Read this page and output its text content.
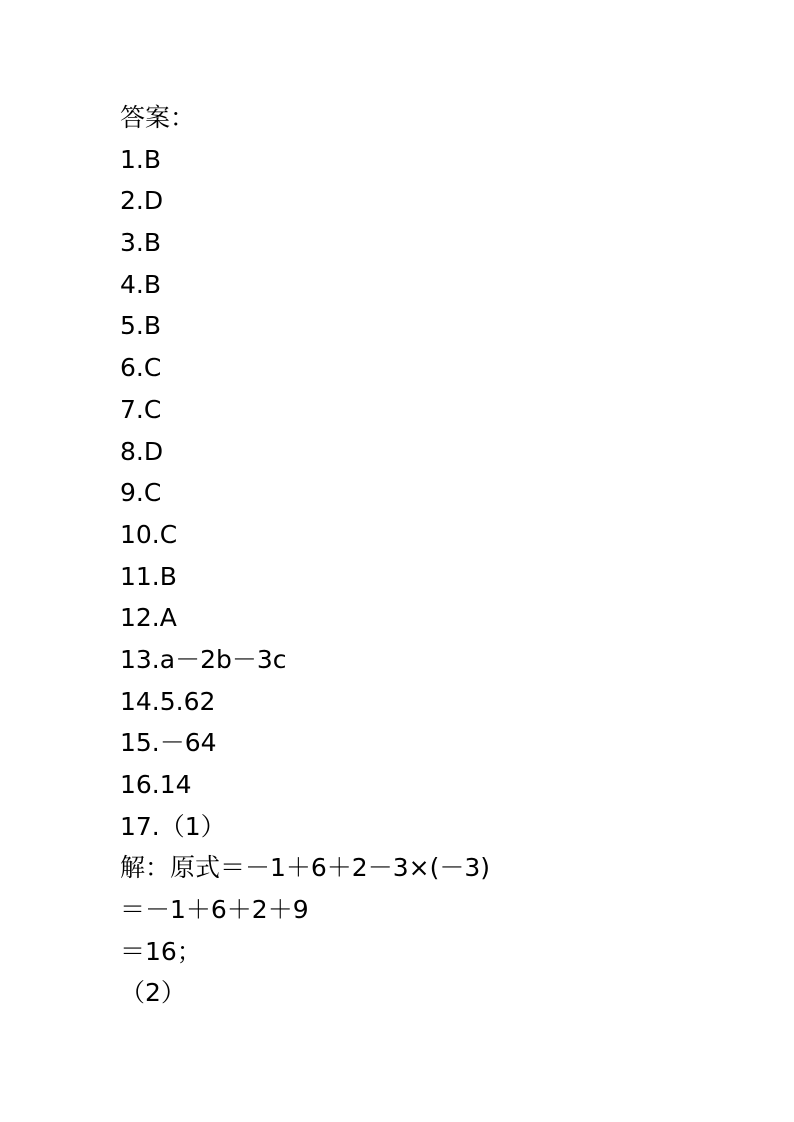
答案：
1.B
2.D
3.B
4.B
5.B
6.C
7.C
8.D
9.C
10.C
11.B
12.A
13.a－2b－3c
14.5.62
15.－64
16.14
17.（1）
解：原式＝－1＋6＋2－3×(－3)
＝－1＋6＋2＋9
＝16；
（2）
